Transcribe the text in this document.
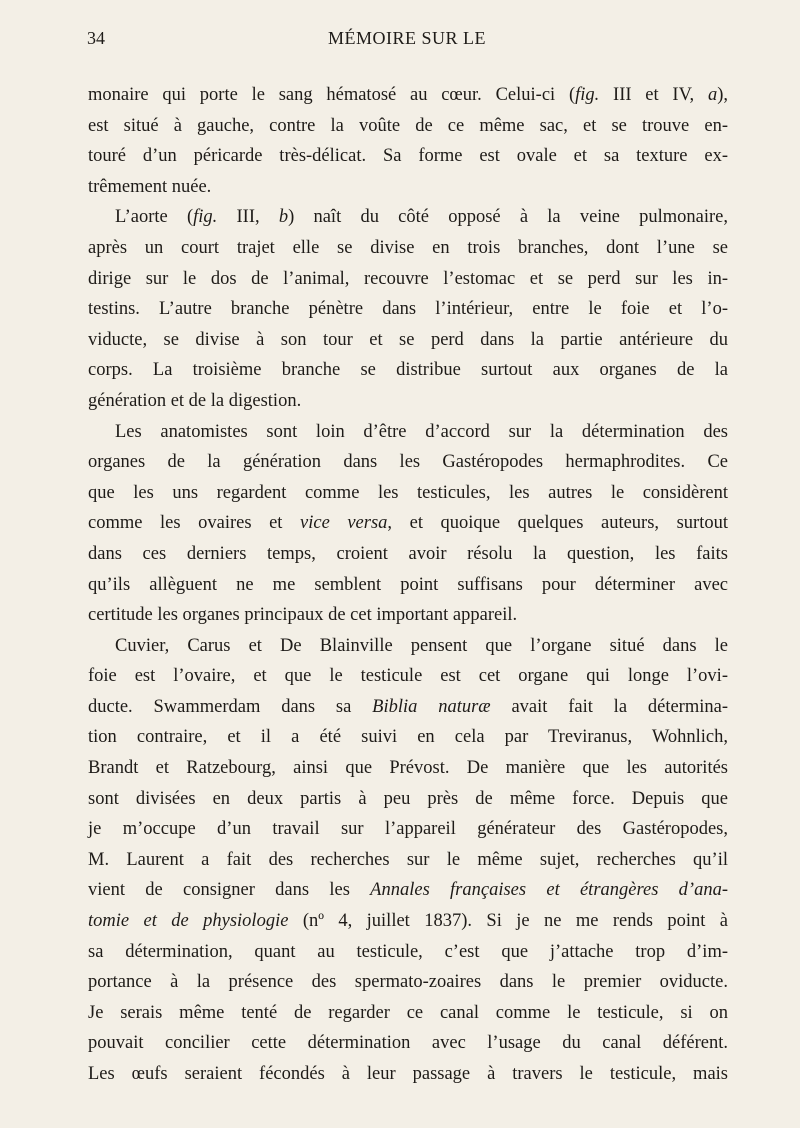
34	MÉMOIRE SUR LE
monaire qui porte le sang hématosé au cœur. Celui-ci (fig. III et IV, a),
est situé à gauche, contre la voûte de ce même sac, et se trouve en-
touré d’un péricarde très-délicat. Sa forme est ovale et sa texture ex-
trêmement nuée.
L’aorte (fig. III, b) naît du côté opposé à la veine pulmonaire,
après un court trajet elle se divise en trois branches, dont l’une se
dirige sur le dos de l’animal, recouvre l’estomac et se perd sur les in-
testins. L’autre branche pénètre dans l’intérieur, entre le foie et l’o-
viducte, se divise à son tour et se perd dans la partie antérieure du
corps. La troisième branche se distribue surtout aux organes de la
génération et de la digestion.
Les anatomistes sont loin d’être d’accord sur la détermination des
organes de la génération dans les Gastéropodes hermaphrodites. Ce
que les uns regardent comme les testicules, les autres le considèrent
comme les ovaires et vice versa, et quoique quelques auteurs, surtout
dans ces derniers temps, croient avoir résolu la question, les faits
qu’ils allèguent ne me semblent point suffisans pour déterminer avec
certitude les organes principaux de cet important appareil.
Cuvier, Carus et De Blainville pensent que l’organe situé dans le
foie est l’ovaire, et que le testicule est cet organe qui longe l’ovi-
ducte. Swammerdam dans sa Biblia naturæ avait fait la détermina-
tion contraire, et il a été suivi en cela par Treviranus, Wohnlich,
Brandt et Ratzebourg, ainsi que Prévost. De manière que les autorités
sont divisées en deux partis à peu près de même force. Depuis que
je m’occupe d’un travail sur l’appareil générateur des Gastéropodes,
M. Laurent a fait des recherches sur le même sujet, recherches qu’il
vient de consigner dans les Annales françaises et étrangères d’ana-
tomie et de physiologie (nº 4, juillet 1837). Si je ne me rends point à
sa détermination, quant au testicule, c’est que j’attache trop d’im-
portance à la présence des spermato-zoaires dans le premier oviducte.
Je serais même tenté de regarder ce canal comme le testicule, si on
pouvait concilier cette détermination avec l’usage du canal déférent.
Les œufs seraient fécondés à leur passage à travers le testicule, mais
